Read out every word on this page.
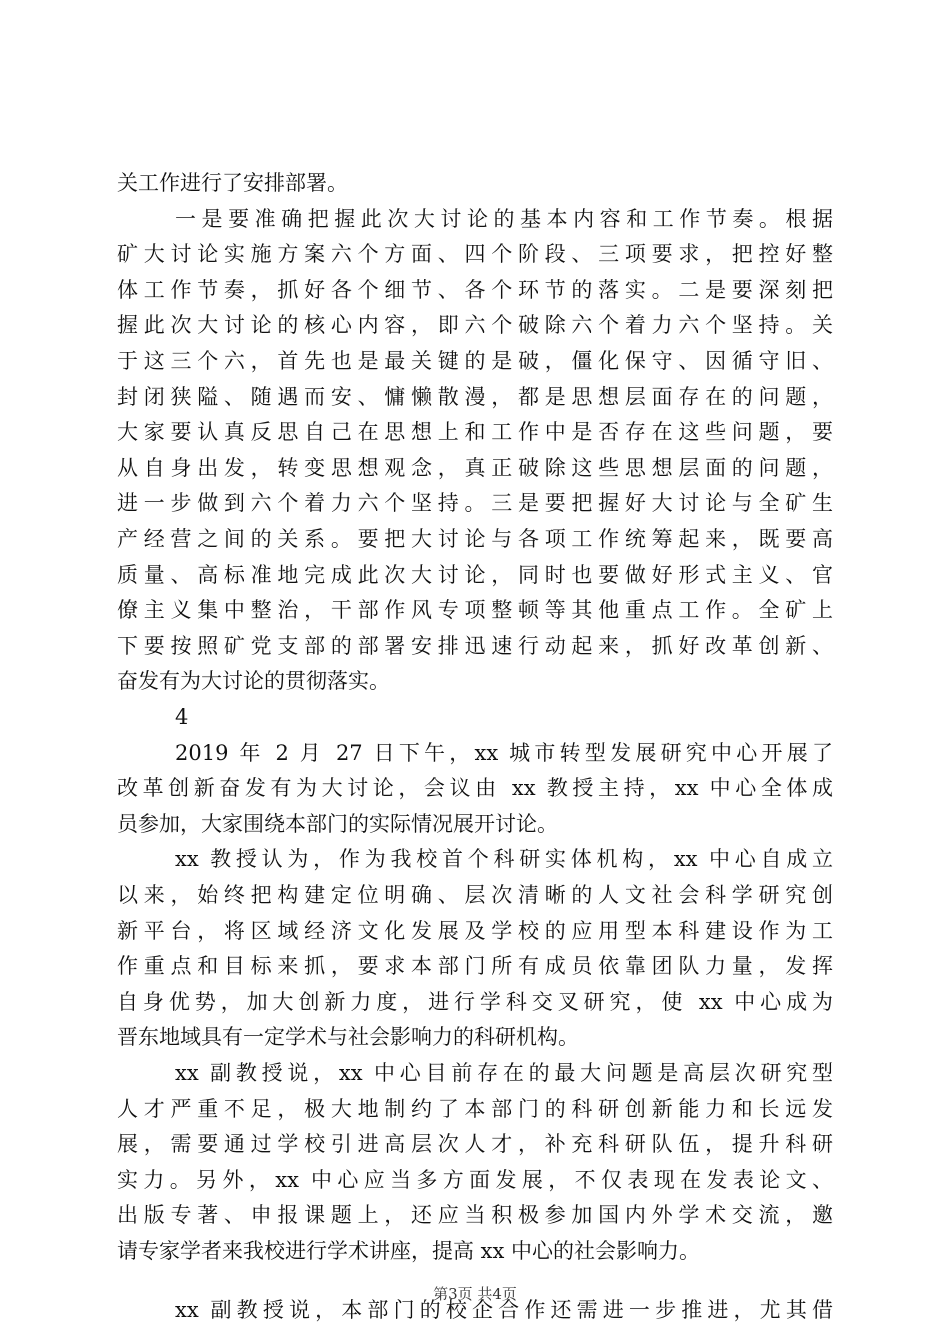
关工作进行了安排部署。
一是要准确把握此次大讨论的基本内容和工作节奏。根据
矿大讨论实施方案六个方面、四个阶段、三项要求，把控好整
体工作节奏，抓好各个细节、各个环节的落实。二是要深刻把
握此次大讨论的核心内容，即六个破除六个着力六个坚持。关
于这三个六，首先也是最关键的是破，僵化保守、因循守旧、
封闭狭隘、随遇而安、慵懒散漫，都是思想层面存在的问题，
大家要认真反思自己在思想上和工作中是否存在这些问题，要
从自身出发，转变思想观念，真正破除这些思想层面的问题，
进一步做到六个着力六个坚持。三是要把握好大讨论与全矿生
产经营之间的关系。要把大讨论与各项工作统筹起来，既要高
质量、高标准地完成此次大讨论，同时也要做好形式主义、官
僚主义集中整治，干部作风专项整顿等其他重点工作。全矿上
下要按照矿党支部的部署安排迅速行动起来，抓好改革创新、
奋发有为大讨论的贯彻落实。
4
2019 年 2 月 27 日下午，xx 城市转型发展研究中心开展了
改革创新奋发有为大讨论，会议由 xx 教授主持，xx 中心全体成
员参加，大家围绕本部门的实际情况展开讨论。
xx 教授认为，作为我校首个科研实体机构，xx 中心自成立
以来，始终把构建定位明确、层次清晰的人文社会科学研究创
新平台，将区域经济文化发展及学校的应用型本科建设作为工
作重点和目标来抓，要求本部门所有成员依靠团队力量，发挥
自身优势，加大创新力度，进行学科交叉研究，使 xx 中心成为
晋东地域具有一定学术与社会影响力的科研机构。
xx 副教授说，xx 中心目前存在的最大问题是高层次研究型
人才严重不足，极大地制约了本部门的科研创新能力和长远发
展，需要通过学校引进高层次人才，补充科研队伍，提升科研
实力。另外，xx 中心应当多方面发展，不仅表现在发表论文、
出版专著、申报课题上，还应当积极参加国内外学术交流，邀
请专家学者来我校进行学术讲座，提高 xx 中心的社会影响力。
xx 副教授说，本部门的校企合作还需进一步推进，尤其借
第3页 共4页
